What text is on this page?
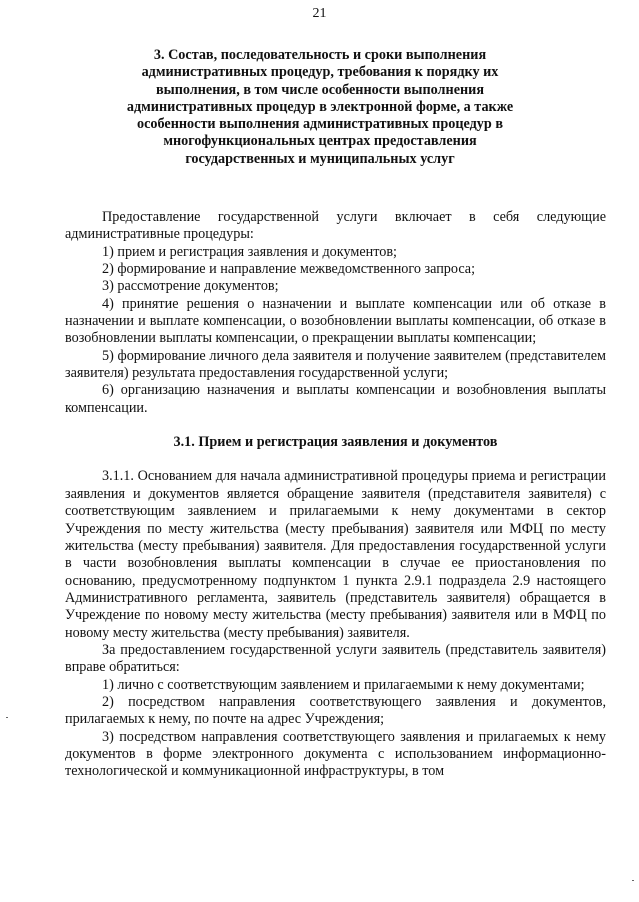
21
3. Состав, последовательность и сроки выполнения административных процедур, требования к порядку их выполнения, в том числе особенности выполнения административных процедур в электронной форме, а также особенности выполнения административных процедур в многофункциональных центрах предоставления государственных и муниципальных услуг

Предоставление государственной услуги включает в себя следующие административные процедуры:

1) прием и регистрация заявления и документов;

2) формирование и направление межведомственного запроса;

3) рассмотрение документов;

4) принятие решения о назначении и выплате компенсации или об отказе в назначении и выплате компенсации, о возобновлении выплаты компенсации, об отказе в возобновлении выплаты компенсации, о прекращении выплаты компенсации;

5) формирование личного дела заявителя и получение заявителем (представителем заявителя) результата предоставления государственной услуги;

6) организацию назначения и выплаты компенсации и возобновления выплаты компенсации.

3.1. Прием и регистрация заявления и документов

3.1.1. Основанием для начала административной процедуры приема и регистрации заявления и документов является обращение заявителя (представителя заявителя) с соответствующим заявлением и прилагаемыми к нему документами в сектор Учреждения по месту жительства (месту пребывания) заявителя или МФЦ по месту жительства (месту пребывания) заявителя. Для предоставления государственной услуги в части возобновления выплаты компенсации в случае ее приостановления по основанию, предусмотренному подпунктом 1 пункта 2.9.1 подраздела 2.9 настоящего Административного регламента, заявитель (представитель заявителя) обращается в Учреждение по новому месту жительства (месту пребывания) заявителя или в МФЦ по новому месту жительства (месту пребывания) заявителя.

За предоставлением государственной услуги заявитель (представитель заявителя) вправе обратиться:

1) лично с соответствующим заявлением и прилагаемыми к нему документами;

2) посредством направления соответствующего заявления и документов, прилагаемых к нему, по почте на адрес Учреждения;

3) посредством направления соответствующего заявления и прилагаемых к нему документов в форме электронного документа с использованием информационно-технологической и коммуникационной инфраструктуры, в том
